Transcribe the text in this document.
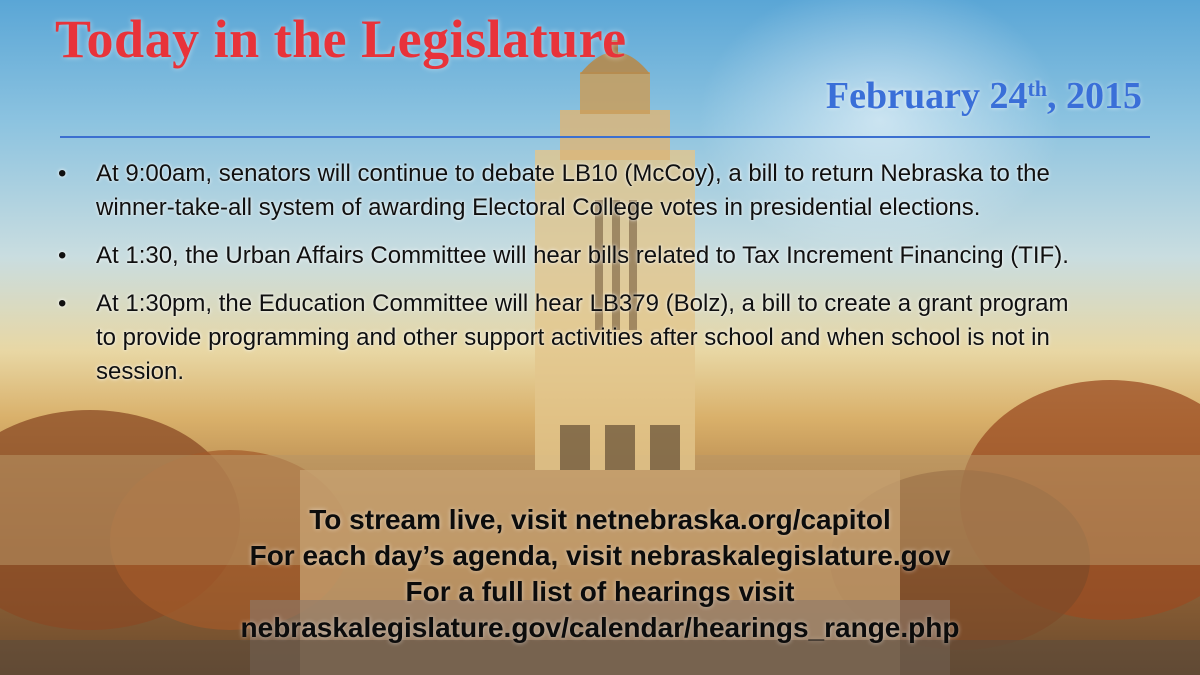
Today in the Legislature
February 24th, 2015
• At 9:00am, senators will continue to debate LB10 (McCoy), a bill to return Nebraska to the winner-take-all system of awarding Electoral College votes in presidential elections.
• At 1:30, the Urban Affairs Committee will hear bills related to Tax Increment Financing (TIF).
• At 1:30pm, the Education Committee will hear LB379 (Bolz), a bill to create a grant program to provide programming and other support activities after school and when school is not in session.
To stream live, visit netnebraska.org/capitol
For each day’s agenda, visit nebraskalegislature.gov
For a full list of hearings visit
nebraskalegislature.gov/calendar/hearings_range.php
